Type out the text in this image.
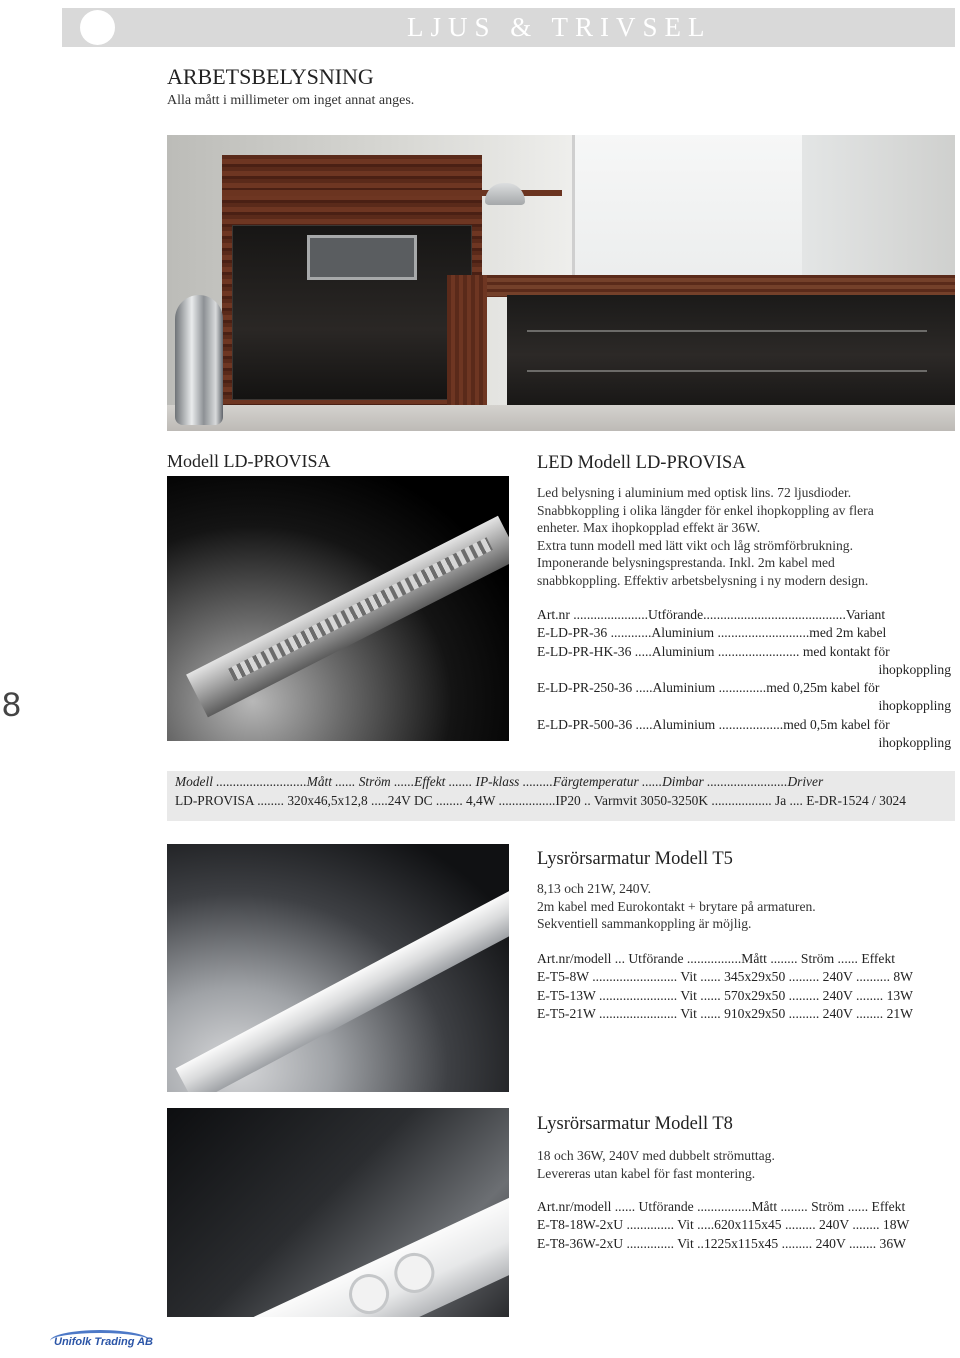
LJUS & TRIVSEL
ARBETSBELYSNING
Alla mått i millimeter om inget annat anges.
8
Modell LD-PROVISA	LED Modell LD-PROVISA
Led belysning i aluminium med optisk lins. 72 ljusdioder.
Snabbkoppling i olika längder för enkel ihopkoppling av flera
enheter. Max ihopkopplad effekt är 36W.
Extra tunn modell med lätt vikt och låg strömförbrukning.
Imponerande belysningsprestanda. Inkl. 2m kabel med
snabbkoppling. Effektiv arbetsbelysning i ny modern design.
Art.nr ......................Utförande..........................................Variant
E-LD-PR-36 ............Aluminium ...........................med 2m kabel
E-LD-PR-HK-36 .....Aluminium ........................ med kontakt för
ihopkoppling
E-LD-PR-250-36 .....Aluminium ..............med 0,25m kabel för
ihopkoppling
E-LD-PR-500-36 .....Aluminium ...................med 0,5m kabel för
ihopkoppling
Modell ...........................Mått ...... Ström ......Effekt ....... IP-klass .........Färgtemperatur ......Dimbar ........................Driver
LD-PROVISA ........ 320x46,5x12,8 .....24V DC ........ 4,4W .................IP20 .. Varmvit 3050-3250K .................. Ja .... E-DR-1524 / 3024
Lysrörsarmatur Modell T5
8,13 och 21W, 240V.
2m kabel med Eurokontakt + brytare på armaturen.
Sekventiell sammankoppling är möjlig.
Art.nr/modell ... Utförande ................Mått ........ Ström ...... Effekt
E-T5-8W ......................... Vit ...... 345x29x50 ......... 240V .......... 8W
E-T5-13W ....................... Vit ...... 570x29x50 ......... 240V ........ 13W
E-T5-21W ....................... Vit ...... 910x29x50 ......... 240V ........ 21W
Lysrörsarmatur Modell T8
18 och 36W, 240V med dubbelt strömuttag.
Levereras utan kabel för fast montering.
Art.nr/modell ...... Utförande ................Mått ........ Ström ...... Effekt
E-T8-18W-2xU .............. Vit .....620x115x45 ......... 240V ........ 18W
E-T8-36W-2xU .............. Vit ..1225x115x45 ......... 240V ........ 36W
Unifolk Trading AB
